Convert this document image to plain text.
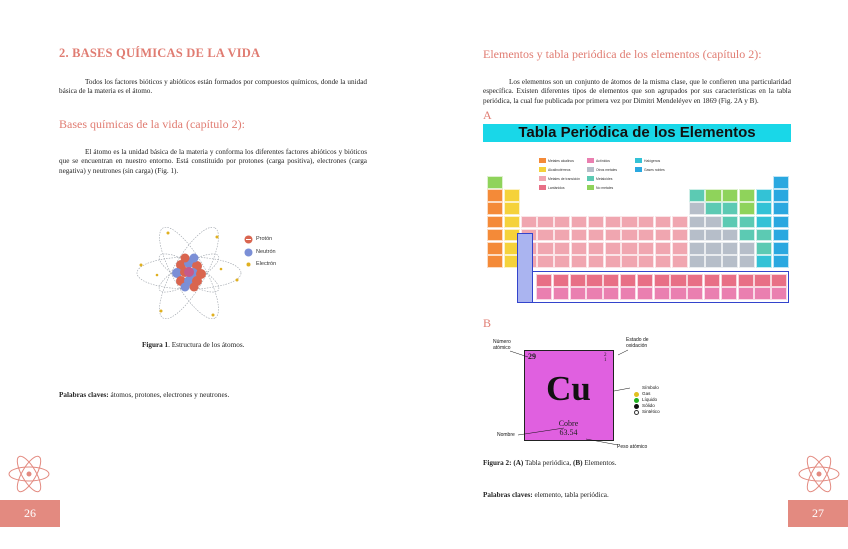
2. BASES QUÍMICAS DE LA VIDA
Todos los factores bióticos y abióticos están formados por compuestos químicos, donde la unidad básica de la materia es el átomo.
Bases químicas de la vida (capítulo 2):
El átomo es la unidad básica de la materia y conforma los diferentes factores abióticos y bióticos que se encuentran en nuestro entorno. Está constituido por protones (carga positiva), electrones (carga negativa) y neutrones (sin carga) (Fig. 1).
Protón
Neutrón
Electrón
Figura 1. Estructura de los átomos.
Palabras claves: átomos, protones, electrones y neutrones.
26
Elementos y tabla periódica de los elementos (capítulo 2):
Los elementos son un conjunto de átomos de la misma clase, que le confieren una particularidad específica. Existen diferentes tipos de elementos que son agrupados por sus características en la tabla periódica, la cual fue publicada por primera vez por Dimitri Mendeléyev en 1869 (Fig. 2A y B).
A
Tabla Periódica de los Elementos
Metales alcalinos
Alcalinotérreos
Metales de transición
Lantánidos
Actínidos
Otros metales
Metaloides
No metales
Halógenos
Gases nobles
B
29	2 1
Cu
Cobre
63.54
Número atómico
Estado de oxidación
Nombre
Peso atómico
Símbolo
Gas
Líquido
Sólido
Sintético
Figura 2: (A) Tabla periódica, (B) Elementos.
Palabras claves: elemento, tabla periódica.
27
